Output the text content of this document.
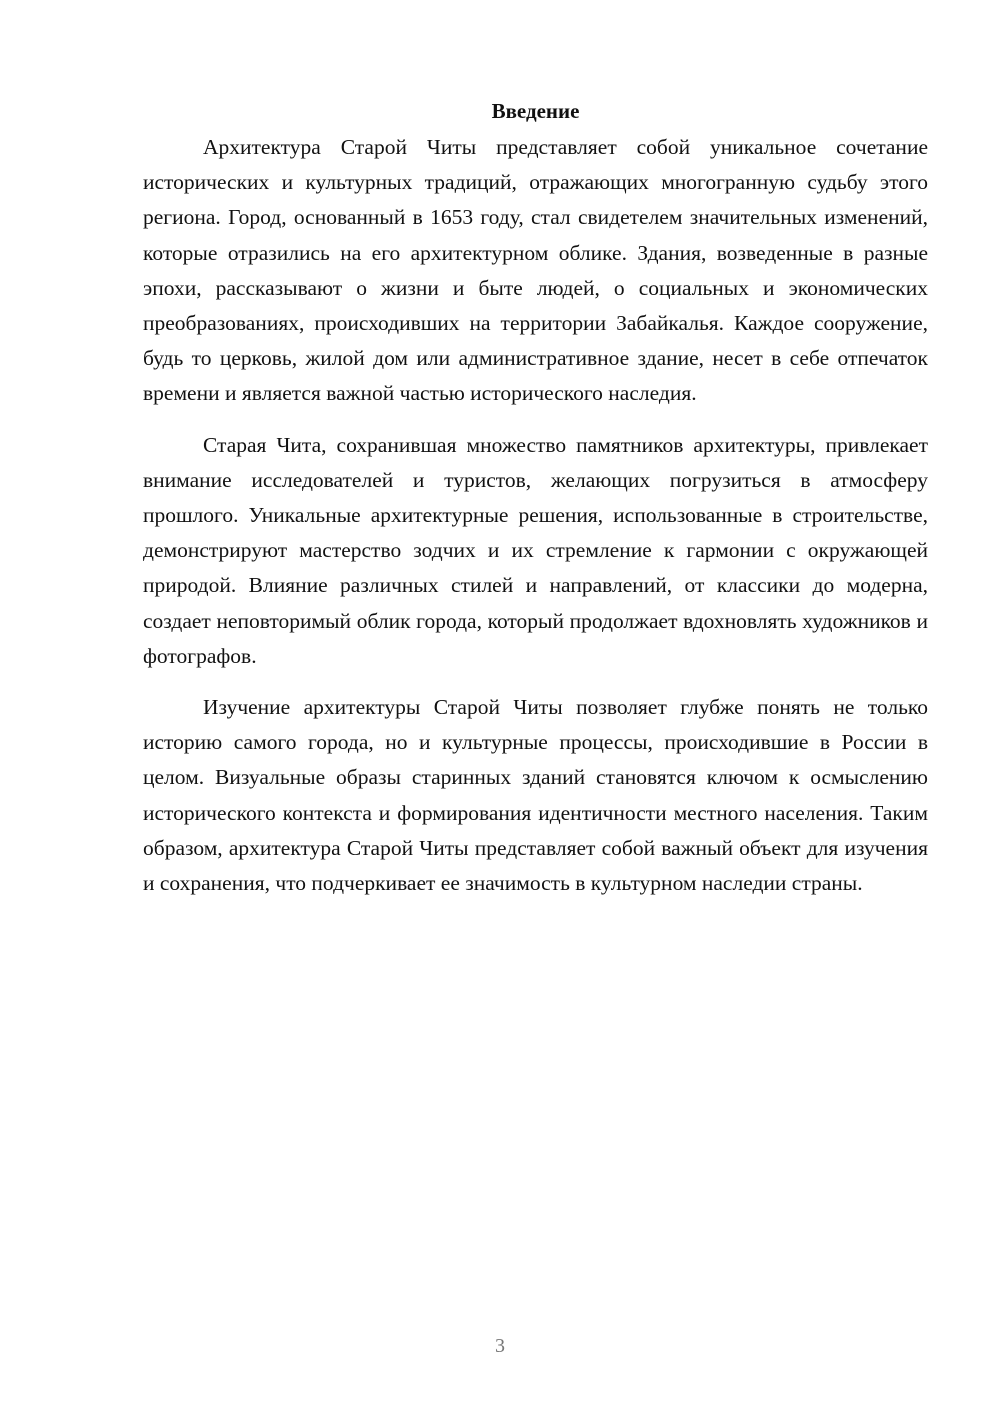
Введение

Архитектура Старой Читы представляет собой уникальное сочетание исторических и культурных традиций, отражающих многогранную судьбу этого региона. Город, основанный в 1653 году, стал свидетелем значительных изменений, которые отразились на его архитектурном облике. Здания, возведенные в разные эпохи, рассказывают о жизни и быте людей, о социальных и экономических преобразованиях, происходивших на территории Забайкалья. Каждое сооружение, будь то церковь, жилой дом или административное здание, несет в себе отпечаток времени и является важной частью исторического наследия.

Старая Чита, сохранившая множество памятников архитектуры, привлекает внимание исследователей и туристов, желающих погрузиться в атмосферу прошлого. Уникальные архитектурные решения, использованные в строительстве, демонстрируют мастерство зодчих и их стремление к гармонии с окружающей природой. Влияние различных стилей и направлений, от классики до модерна, создает неповторимый облик города, который продолжает вдохновлять художников и фотографов.

Изучение архитектуры Старой Читы позволяет глубже понять не только историю самого города, но и культурные процессы, происходившие в России в целом. Визуальные образы старинных зданий становятся ключом к осмыслению исторического контекста и формирования идентичности местного населения. Таким образом, архитектура Старой Читы представляет собой важный объект для изучения и сохранения, что подчеркивает ее значимость в культурном наследии страны.

3
